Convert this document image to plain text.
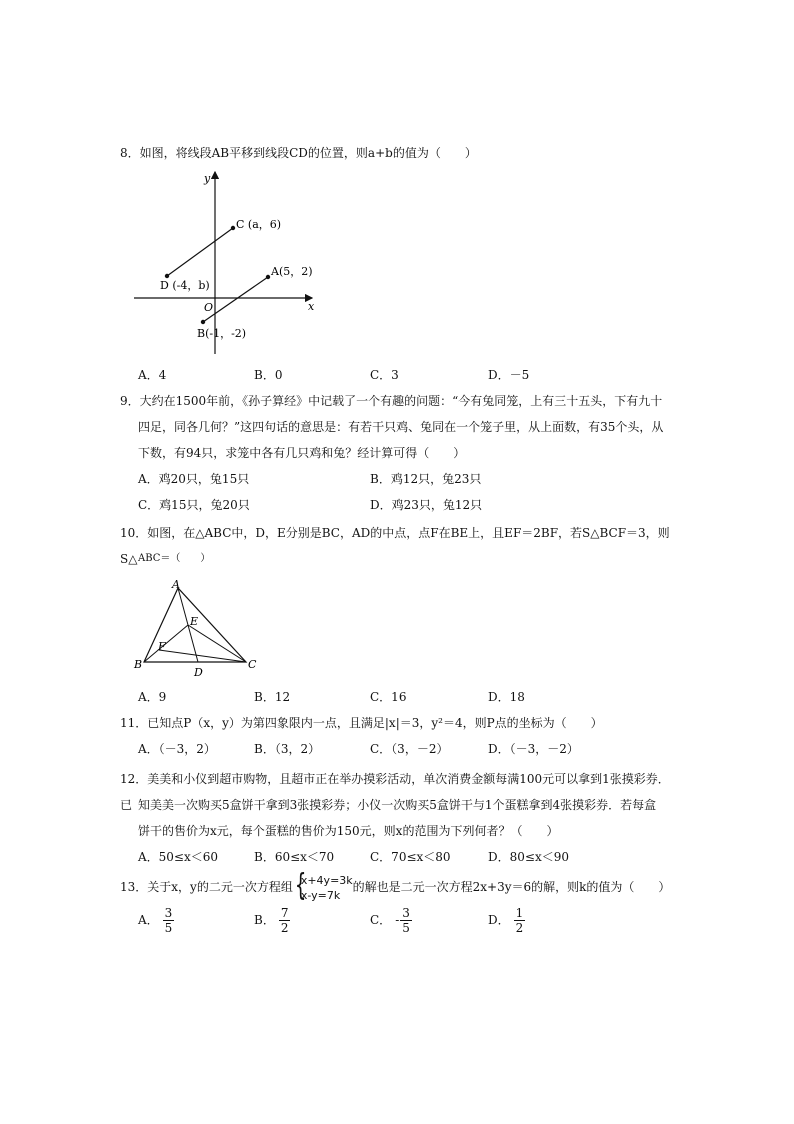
8．如图，将线段AB平移到线段CD的位置，则a+b的值为（　　）
x
y
O
C (a，6)
D (-4，b)
A(5，2)
B(-1，-2)
A．4	B．0	C．3	D．－5
9．大约在1500年前，《孙子算经》中记载了一个有趣的问题：“今有兔同笼，上有三十五头，下有九十
四足，同各几何？”这四句话的意思是：有若干只鸡、兔同在一个笼子里，从上面数，有35个头，从
下数，有94只，求笼中各有几只鸡和兔？经计算可得（　　）
A．鸡20只，兔15只	B．鸡12只，兔23只
C．鸡15只，兔20只	D．鸡23只，兔12只
10．如图，在△ABC中，D，E分别是BC，AD的中点，点F在BE上，且EF＝2BF，若S△BCF＝3，则S△ ABC＝（　　）
A
B	C
D
E
F
A．9	B．12	C．16	D．18
11．已知点P（x，y）为第四象限内一点，且满足|x|＝3，y²＝4，则P点的坐标为（　　）
A．（－3，2）	B．（3，2）	C．（3，－2）	D．（－3，－2）
12．美美和小仪到超市购物，且超市正在举办摸彩活动，单次消费金额每满100元可以拿到1张摸彩券．已 知美美一次购买5盒饼干拿到3张摸彩券；小仪一次购买5盒饼干与1个蛋糕拿到4张摸彩券．若每盒
饼干的售价为x元，每个蛋糕的售价为150元，则x的范围为下列何者？（　　）
A．50≤x＜60	B．60≤x＜70	C．70≤x＜80	D．80≤x＜90
13．关于x，y的二元一次方程组
{ x+4y=3k
x-y=7k
的解也是二元一次方程2x+3y＝6的解，则k的值为（　　）
A． $\frac{3}{5}$	B． $\frac{7}{2}$	C． - $\frac{3}{5}$	D． $\frac{1}{2}$
